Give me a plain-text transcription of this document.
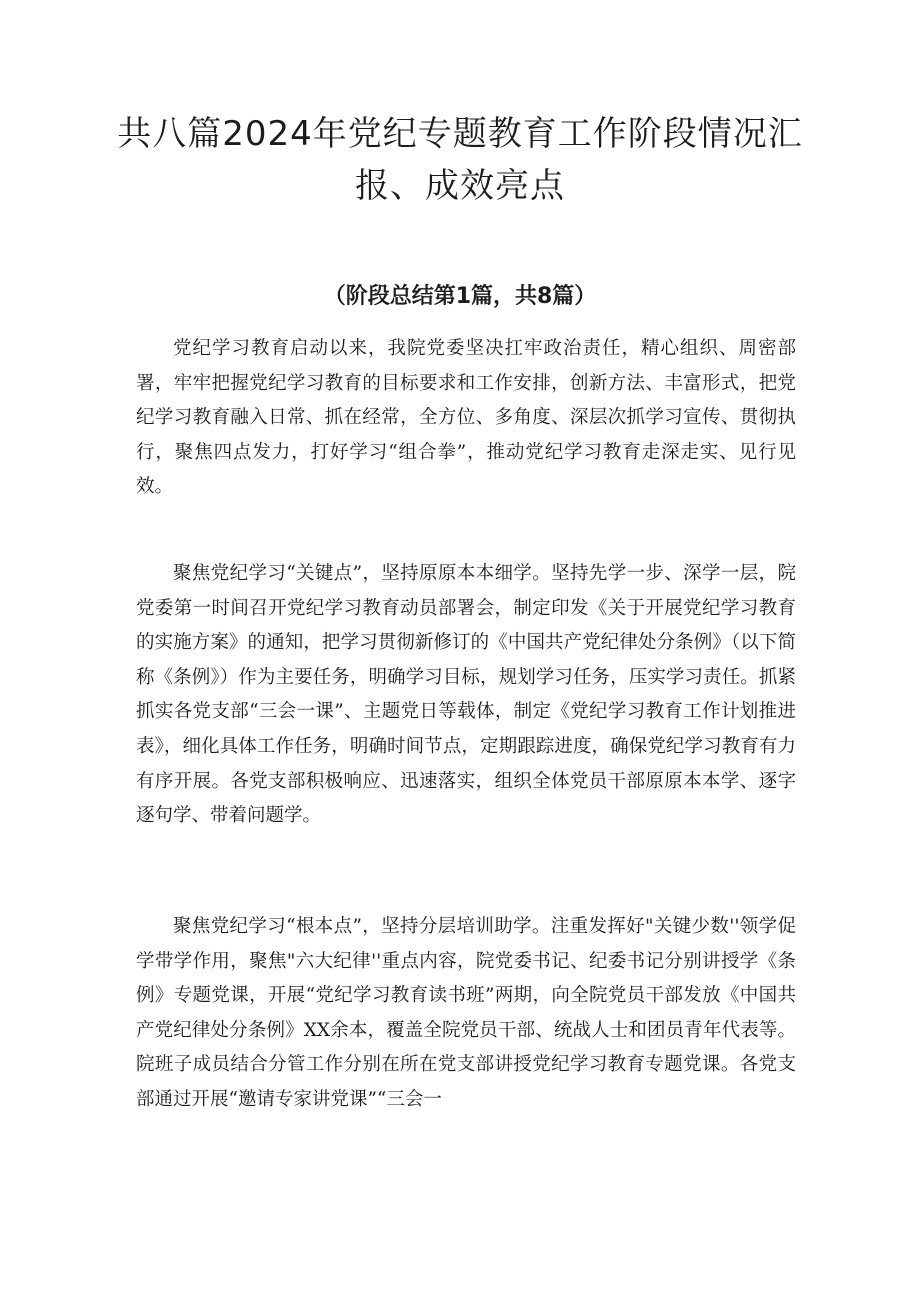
共八篇2024年党纪专题教育工作阶段情况汇报、成效亮点
（阶段总结第1篇，共8篇）

党纪学习教育启动以来，我院党委坚决扛牢政治责任，精心组织、周密部署，牢牢把握党纪学习教育的目标要求和工作安排，创新方法、丰富形式，把党纪学习教育融入日常、抓在经常，全方位、多角度、深层次抓学习宣传、贯彻执行，聚焦四点发力，打好学习“组合拳”，推动党纪学习教育走深走实、见行见效。

聚焦党纪学习“关键点”，坚持原原本本细学。坚持先学一步、深学一层，院党委第一时间召开党纪学习教育动员部署会，制定印发《关于开展党纪学习教育的实施方案》的通知，把学习贯彻新修订的《中国共产党纪律处分条例》（以下简称《条例》）作为主要任务，明确学习目标，规划学习任务，压实学习责任。抓紧抓实各党支部“三会一课”、主题党日等载体，制定《党纪学习教育工作计划推进表》，细化具体工作任务，明确时间节点，定期跟踪进度，确保党纪学习教育有力有序开展。各党支部积极响应、迅速落实，组织全体党员干部原原本本学、逐字逐句学、带着问题学。

聚焦党纪学习“根本点”，坚持分层培训助学。注重发挥好"关键少数''领学促学带学作用，聚焦"六大纪律''重点内容，院党委书记、纪委书记分别讲授学《条例》专题党课，开展“党纪学习教育读书班”两期，向全院党员干部发放《中国共产党纪律处分条例》XX余本，覆盖全院党员干部、统战人士和团员青年代表等。院班子成员结合分管工作分别在所在党支部讲授党纪学习教育专题党课。各党支部通过开展“邀请专家讲党课”“三会一
